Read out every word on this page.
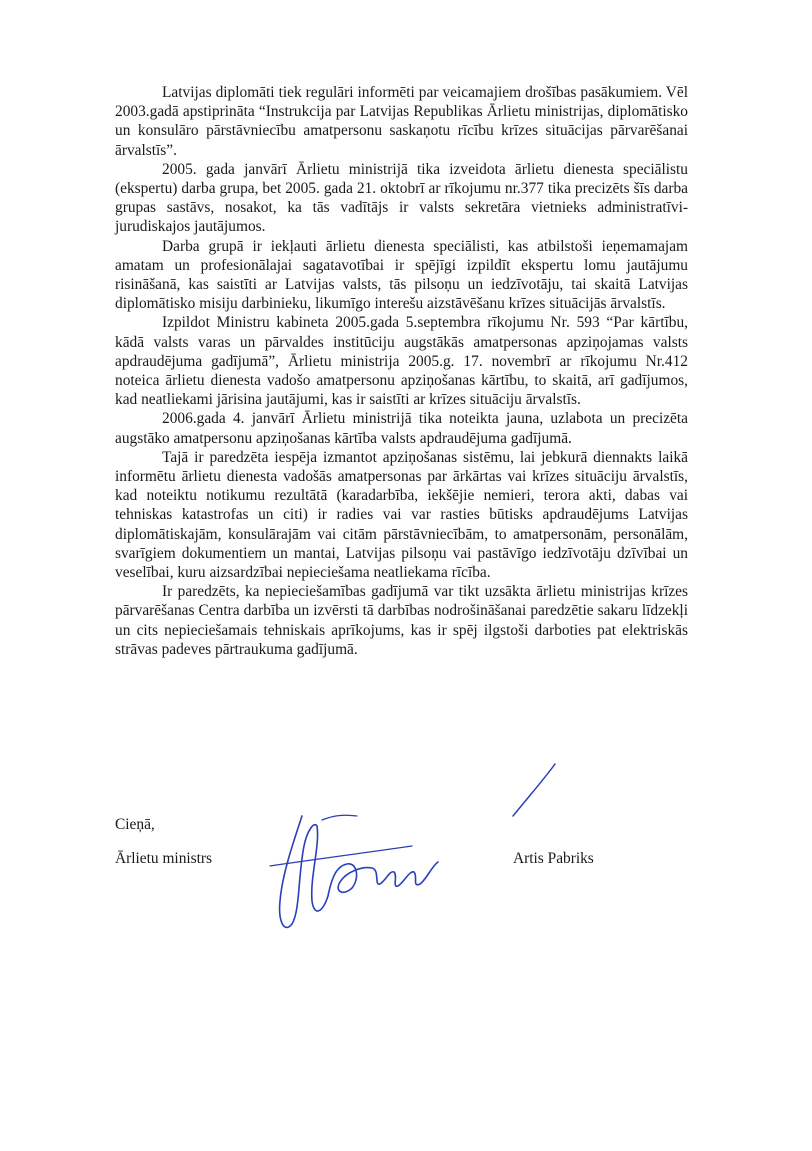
Latvijas diplomāti tiek regulāri informēti par veicamajiem drošības pasākumiem. Vēl 2003.gadā apstiprināta “Instrukcija par Latvijas Republikas Ārlietu ministrijas, diplomātisko un konsulāro pārstāvniecību amatpersonu saskaņotu rīcību krīzes situācijas pārvarēšanai ārvalstīs”.

2005. gada janvārī Ārlietu ministrijā tika izveidota ārlietu dienesta speciālistu (ekspertu) darba grupa, bet 2005. gada 21. oktobrī ar rīkojumu nr.377 tika precizēts šīs darba grupas sastāvs, nosakot, ka tās vadītājs ir valsts sekretāra vietnieks administratīvi-jurudiskajos jautājumos.

Darba grupā ir iekļauti ārlietu dienesta speciālisti, kas atbilstoši ieņemamajam amatam un profesionālajai sagatavotībai ir spējīgi izpildīt ekspertu lomu jautājumu risināšanā, kas saistīti ar Latvijas valsts, tās pilsoņu un iedzīvotāju, tai skaitā Latvijas diplomātisko misiju darbinieku, likumīgo interešu aizstāvēšanu krīzes situācijās ārvalstīs.

Izpildot Ministru kabineta 2005.gada 5.septembra rīkojumu Nr. 593 “Par kārtību, kādā valsts varas un pārvaldes institūciju augstākās amatpersonas apziņojamas valsts apdraudējuma gadījumā”, Ārlietu ministrija 2005.g. 17. novembrī ar rīkojumu Nr.412 noteica ārlietu dienesta vadošo amatpersonu apziņošanas kārtību, to skaitā, arī gadījumos, kad neatliekami jārisina jautājumi, kas ir saistīti ar krīzes situāciju ārvalstīs.

2006.gada 4. janvārī Ārlietu ministrijā tika noteikta jauna, uzlabota un precizēta augstāko amatpersonu apziņošanas kārtība valsts apdraudējuma gadījumā.

Tajā ir paredzēta iespēja izmantot apziņošanas sistēmu, lai jebkurā diennakts laikā informētu ārlietu dienesta vadošās amatpersonas par ārkārtas vai krīzes situāciju ārvalstīs, kad noteiktu notikumu rezultātā (karadarbība, iekšējie nemieri, terora akti, dabas vai tehniskas katastrofas un citi) ir radies vai var rasties būtisks apdraudējums Latvijas diplomātiskajām, konsulārajām vai citām pārstāvniecībām, to amatpersonām, personālām, svarīgiem dokumentiem un mantai, Latvijas pilsoņu vai pastāvīgo iedzīvotāju dzīvībai un veselībai, kuru aizsardzībai nepieciešama neatliekama rīcība.

Ir paredzēts, ka nepieciešamības gadījumā var tikt uzsākta ārlietu ministrijas krīzes pārvarēšanas Centra darbība un izvērsti tā darbības nodrošināšanai paredzētie sakaru līdzekļi un cits nepieciešamais tehniskais aprīkojums, kas ir spēj ilgstoši darboties pat elektriskās strāvas padeves pārtraukuma gadījumā.

Cieņā,
Ārlietu ministrs	Artis Pabriks
